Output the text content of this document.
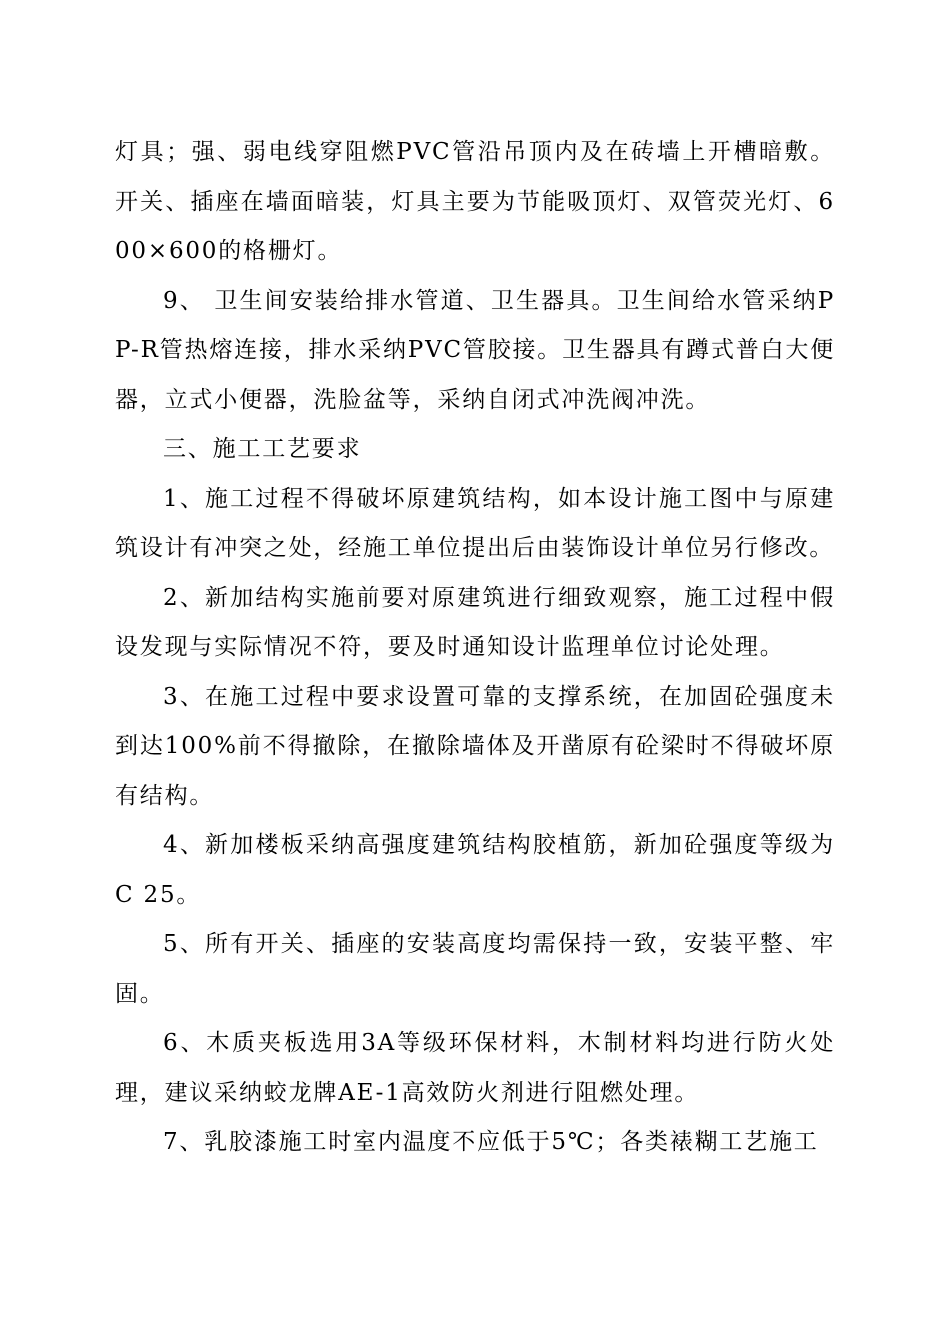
灯具；强、弱电线穿阻燃PVC管沿吊顶内及在砖墙上开槽暗敷。开关、插座在墙面暗装，灯具主要为节能吸顶灯、双管荧光灯、600×600的格栅灯。

9、 卫生间安装给排水管道、卫生器具。卫生间给水管采纳PP-R管热熔连接，排水采纳PVC管胶接。卫生器具有蹲式普白大便器，立式小便器，洗脸盆等，采纳自闭式冲洗阀冲洗。

三、施工工艺要求

1、施工过程不得破坏原建筑结构，如本设计施工图中与原建筑设计有冲突之处，经施工单位提出后由装饰设计单位另行修改。

2、新加结构实施前要对原建筑进行细致观察，施工过程中假设发现与实际情况不符，要及时通知设计监理单位讨论处理。

3、在施工过程中要求设置可靠的支撑系统，在加固砼强度未到达100%前不得撤除，在撤除墙体及开凿原有砼梁时不得破坏原有结构。

4、新加楼板采纳高强度建筑结构胶植筋，新加砼强度等级为C 25。

5、所有开关、插座的安装高度均需保持一致，安装平整、牢固。

6、木质夹板选用3A等级环保材料，木制材料均进行防火处理，建议采纳蛟龙牌AE-1高效防火剂进行阻燃处理。

7、乳胶漆施工时室内温度不应低于5℃；各类裱糊工艺施工
